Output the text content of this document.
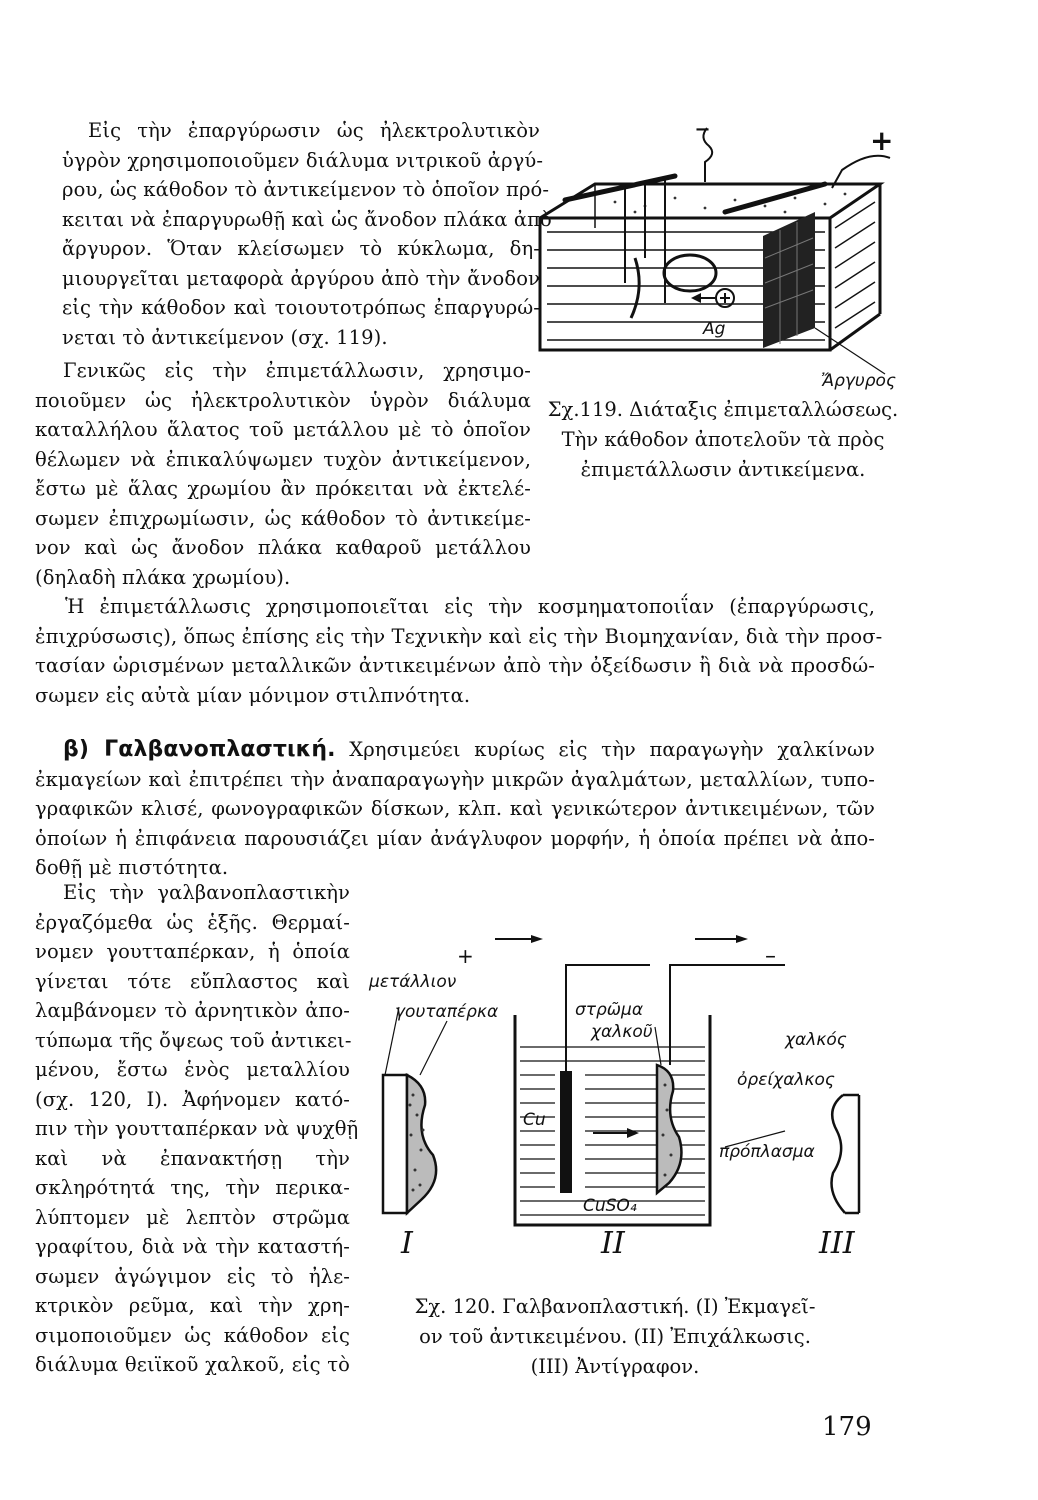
Εἰς τὴν ἐπαργύρωσιν ὡς ἠλεκτρολυτικὸν
ὑγρὸν χρησιμοποιοῦμεν διάλυμα νιτρικοῦ ἀργύ-
ρου, ὡς κάθοδον τὸ ἀντικείμενον τὸ ὁποῖον πρό-
κειται νὰ ἐπαργυρωθῇ καὶ ὡς ἄνοδον πλάκα ἀπὸ
ἄργυρον. Ὅταν κλείσωμεν τὸ κύκλωμα, δη-
μιουργεῖται μεταφορὰ ἀργύρου ἀπὸ τὴν ἄνοδον
εἰς τὴν κάθοδον καὶ τοιουτοτρόπως ἐπαργυρώ-
νεται τὸ ἀντικείμενον (σχ. 119).
Γενικῶς εἰς τὴν ἐπιμετάλλωσιν, χρησιμο-
ποιοῦμεν ὡς ἠλεκτρολυτικὸν ὑγρὸν διάλυμα
καταλλήλου ἅλατος τοῦ μετάλλου μὲ τὸ ὁποῖον
θέλωμεν νὰ ἐπικαλύψωμεν τυχὸν ἀντικείμενον,
ἔστω μὲ ἅλας χρωμίου ἂν πρόκειται νὰ ἐκτελέ-
σωμεν ἐπιχρωμίωσιν, ὡς κάθοδον τὸ ἀντικείμε-
νον καὶ ὡς ἄνοδον πλάκα καθαροῦ μετάλλου
(δηλαδὴ πλάκα χρωμίου).
–	+
Ag
Ἄργυρος
Σχ.119. Διάταξις ἐπιμεταλλώσεως.
Τὴν κάθοδον ἀποτελοῦν τὰ πρὸς
ἐπιμετάλλωσιν ἀντικείμενα.
Ἡ ἐπιμετάλλωσις χρησιμοποιεῖται εἰς τὴν κοσμηματοποιΐαν (ἐπαργύρωσις,
ἐπιχρύσωσις), ὅπως ἐπίσης εἰς τὴν Τεχνικὴν καὶ εἰς τὴν Βιομηχανίαν, διὰ τὴν προσ-
τασίαν ὡρισμένων μεταλλικῶν ἀντικειμένων ἀπὸ τὴν ὀξείδωσιν ἢ διὰ νὰ προσδώ-
σωμεν εἰς αὐτὰ μίαν μόνιμον στιλπνότητα.
β) Γαλβανοπλαστική. Χρησιμεύει κυρίως εἰς τὴν παραγωγὴν χαλκίνων
ἐκμαγείων καὶ ἐπιτρέπει τὴν ἀναπαραγωγὴν μικρῶν ἀγαλμάτων, μεταλλίων, τυπο-
γραφικῶν κλισέ, φωνογραφικῶν δίσκων, κλπ. καὶ γενικώτερον ἀντικειμένων, τῶν
ὁποίων ἡ ἐπιφάνεια παρουσιάζει μίαν ἀνάγλυφον μορφήν, ἡ ὁποία πρέπει νὰ ἀπο-
δοθῇ μὲ πιστότητα.
Εἰς τὴν γαλβανοπλαστικὴν
ἐργαζόμεθα ὡς ἑξῆς. Θερμαί-
νομεν γουτταπέρκαν, ἡ ὁποία
γίνεται τότε εὔπλαστος καὶ
λαμβάνομεν τὸ ἀρνητικὸν ἀπο-
τύπωμα τῆς ὄψεως τοῦ ἀντικει-
μένου, ἔστω ἑνὸς μεταλλίου
(σχ. 120, Ι). Ἀφήνομεν κατό-
πιν τὴν γουτταπέρκαν νὰ ψυχθῇ
καὶ νὰ ἐπανακτήσῃ τὴν
σκληρότητά της, τὴν περικα-
λύπτομεν μὲ λεπτὸν στρῶμα
γραφίτου, διὰ νὰ τὴν καταστή-
σωμεν ἀγώγιμον εἰς τὸ ἠλε-
κτρικὸν ρεῦμα, καὶ τὴν χρη-
σιμοποιοῦμεν ὡς κάθοδον εἰς
διάλυμα θειϊκοῦ χαλκοῦ, εἰς τὸ
μετάλλιον
γουταπέρκα
I
+	–
στρῶμα
χαλκοῦ
Cu
CuSO₄
II
χαλκός
ὀρείχαλκος
πρόπλασμα
III
Σχ. 120. Γαλβανοπλαστική. (Ι) Ἐκμαγεῖ-
ον τοῦ ἀντικειμένου. (ΙΙ) Ἐπιχάλκωσις.
(ΙΙΙ) Ἀντίγραφον.
179
